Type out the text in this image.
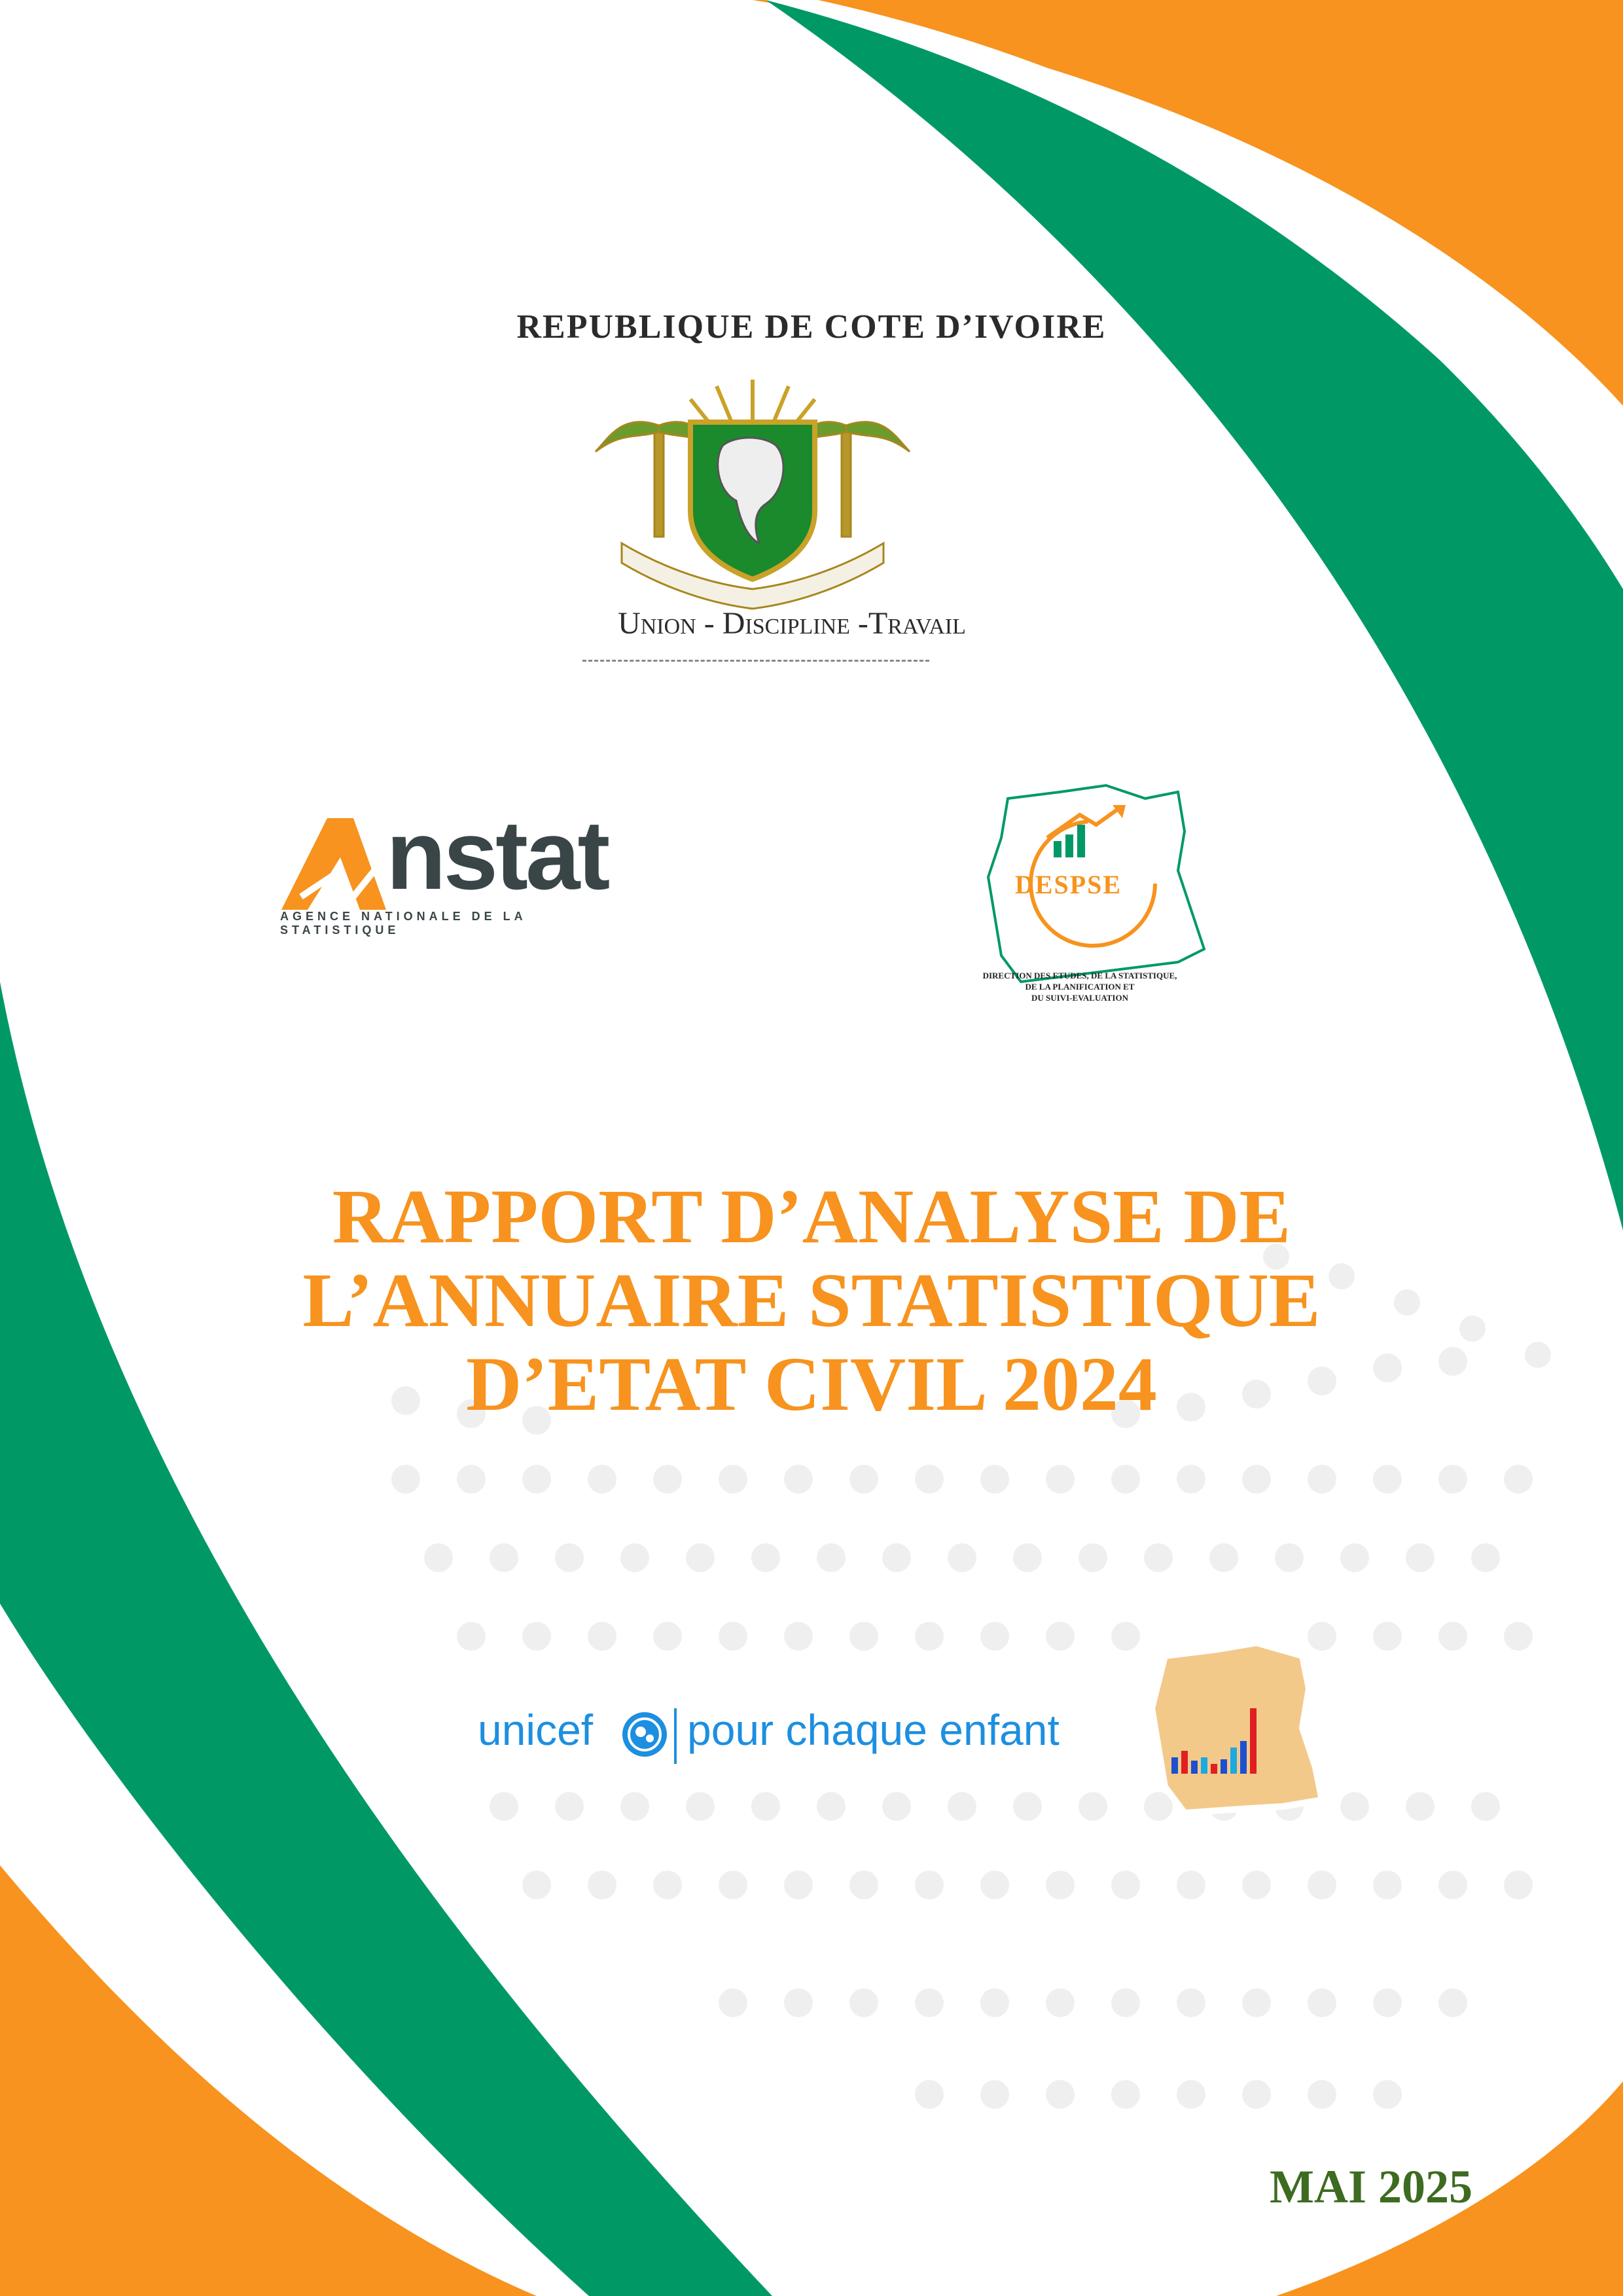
REPUBLIQUE DE COTE D’IVOIRE
Union - Discipline -Travail
nstat
AGENCE NATIONALE DE LA STATISTIQUE
DESPSE
DIRECTION DES ETUDES, DE LA STATISTIQUE,
DE LA PLANIFICATION ET
DU SUIVI-EVALUATION
RAPPORT D’ANALYSE DE
L’ANNUAIRE STATISTIQUE
D’ETAT CIVIL 2024
unicef pour chaque enfant
MAI 2025
